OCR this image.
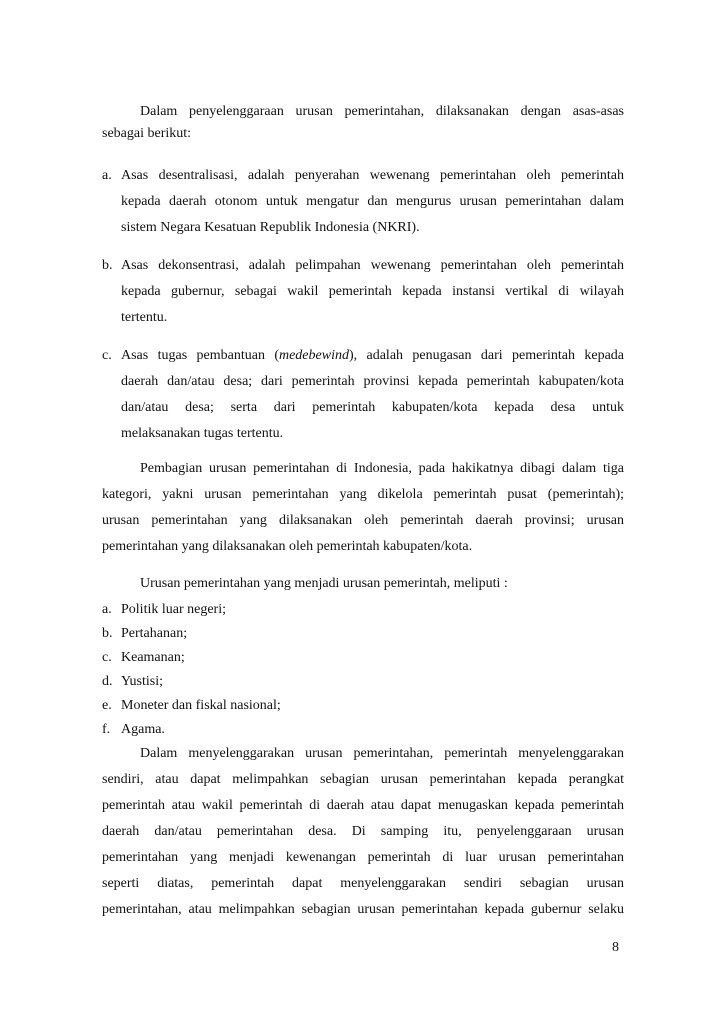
Dalam penyelenggaraan urusan pemerintahan, dilaksanakan dengan asas-asas
sebagai berikut:
a. Asas desentralisasi, adalah penyerahan wewenang pemerintahan oleh pemerintah
kepada daerah otonom untuk mengatur dan mengurus urusan pemerintahan dalam
sistem Negara Kesatuan Republik Indonesia (NKRI).
b. Asas dekonsentrasi, adalah pelimpahan wewenang pemerintahan oleh pemerintah
kepada gubernur, sebagai wakil pemerintah kepada instansi vertikal di wilayah
tertentu.
c. Asas tugas pembantuan (medebewind), adalah penugasan dari pemerintah kepada
daerah dan/atau desa; dari pemerintah provinsi kepada pemerintah kabupaten/kota
dan/atau desa; serta dari pemerintah kabupaten/kota kepada desa untuk
melaksanakan tugas tertentu.
Pembagian urusan pemerintahan di Indonesia, pada hakikatnya dibagi dalam tiga
kategori, yakni urusan pemerintahan yang dikelola pemerintah pusat (pemerintah);
urusan pemerintahan yang dilaksanakan oleh pemerintah daerah provinsi; urusan
pemerintahan yang dilaksanakan oleh pemerintah kabupaten/kota.
Urusan pemerintahan yang menjadi urusan pemerintah, meliputi :
a. Politik luar negeri;
b. Pertahanan;
c. Keamanan;
d. Yustisi;
e. Moneter dan fiskal nasional;
f. Agama.
Dalam menyelenggarakan urusan pemerintahan, pemerintah menyelenggarakan
sendiri, atau dapat melimpahkan sebagian urusan pemerintahan kepada perangkat
pemerintah atau wakil pemerintah di daerah atau dapat menugaskan kepada pemerintah
daerah dan/atau pemerintahan desa. Di samping itu, penyelenggaraan urusan
pemerintahan yang menjadi kewenangan pemerintah di luar urusan pemerintahan
seperti diatas, pemerintah dapat menyelenggarakan sendiri sebagian urusan
pemerintahan, atau melimpahkan sebagian urusan pemerintahan kepada gubernur selaku
8
